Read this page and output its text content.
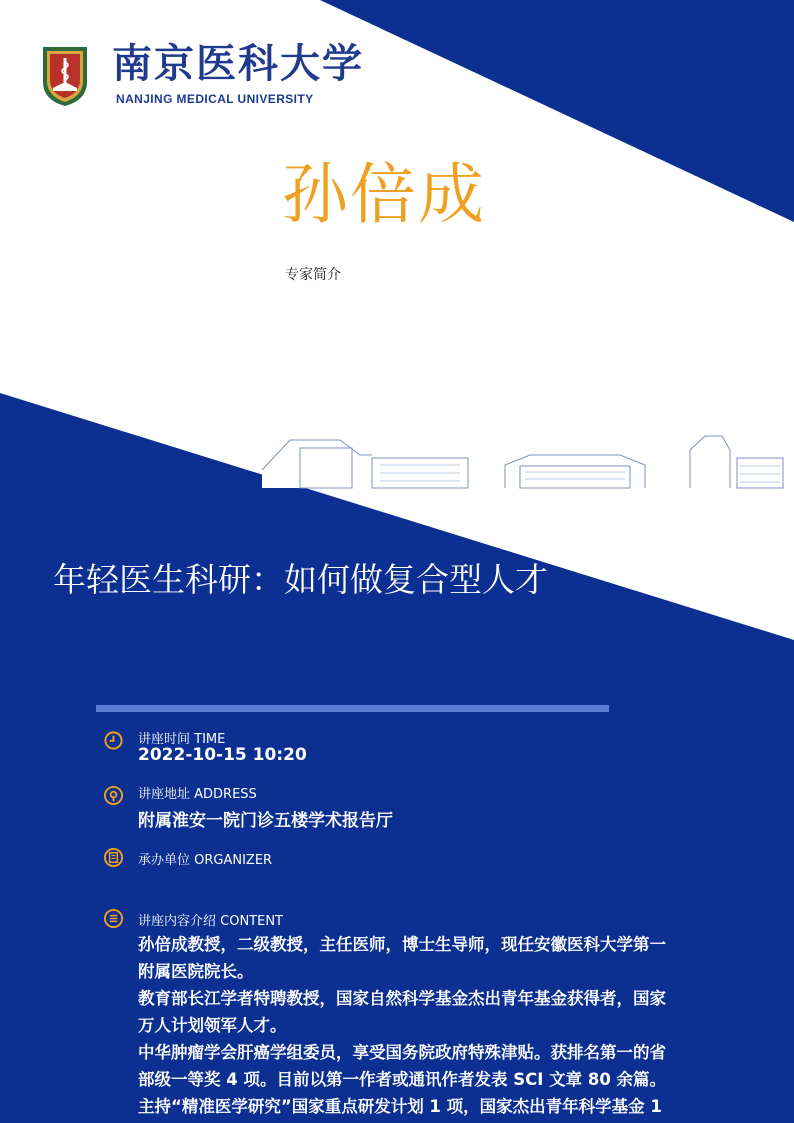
南京医科大学
NANJING MEDICAL UNIVERSITY
孙倍成
专家简介
年轻医生科研：如何做复合型人才
讲座时间 TIME
2022-10-15 10:20
讲座地址 ADDRESS
附属淮安一院门诊五楼学术报告厅
承办单位 ORGANIZER
讲座内容介绍 CONTENT
孙倍成教授，二级教授，主任医师，博士生导师，现任安徽医科大学第一
附属医院院长。
教育部长江学者特聘教授，国家自然科学基金杰出青年基金获得者，国家
万人计划领军人才。
中华肿瘤学会肝癌学组委员，享受国务院政府特殊津贴。获排名第一的省
部级一等奖 4 项。目前以第一作者或通讯作者发表 SCI 文章 80 余篇。
主持“精准医学研究”国家重点研发计划 1 项，国家杰出青年科学基金 1
